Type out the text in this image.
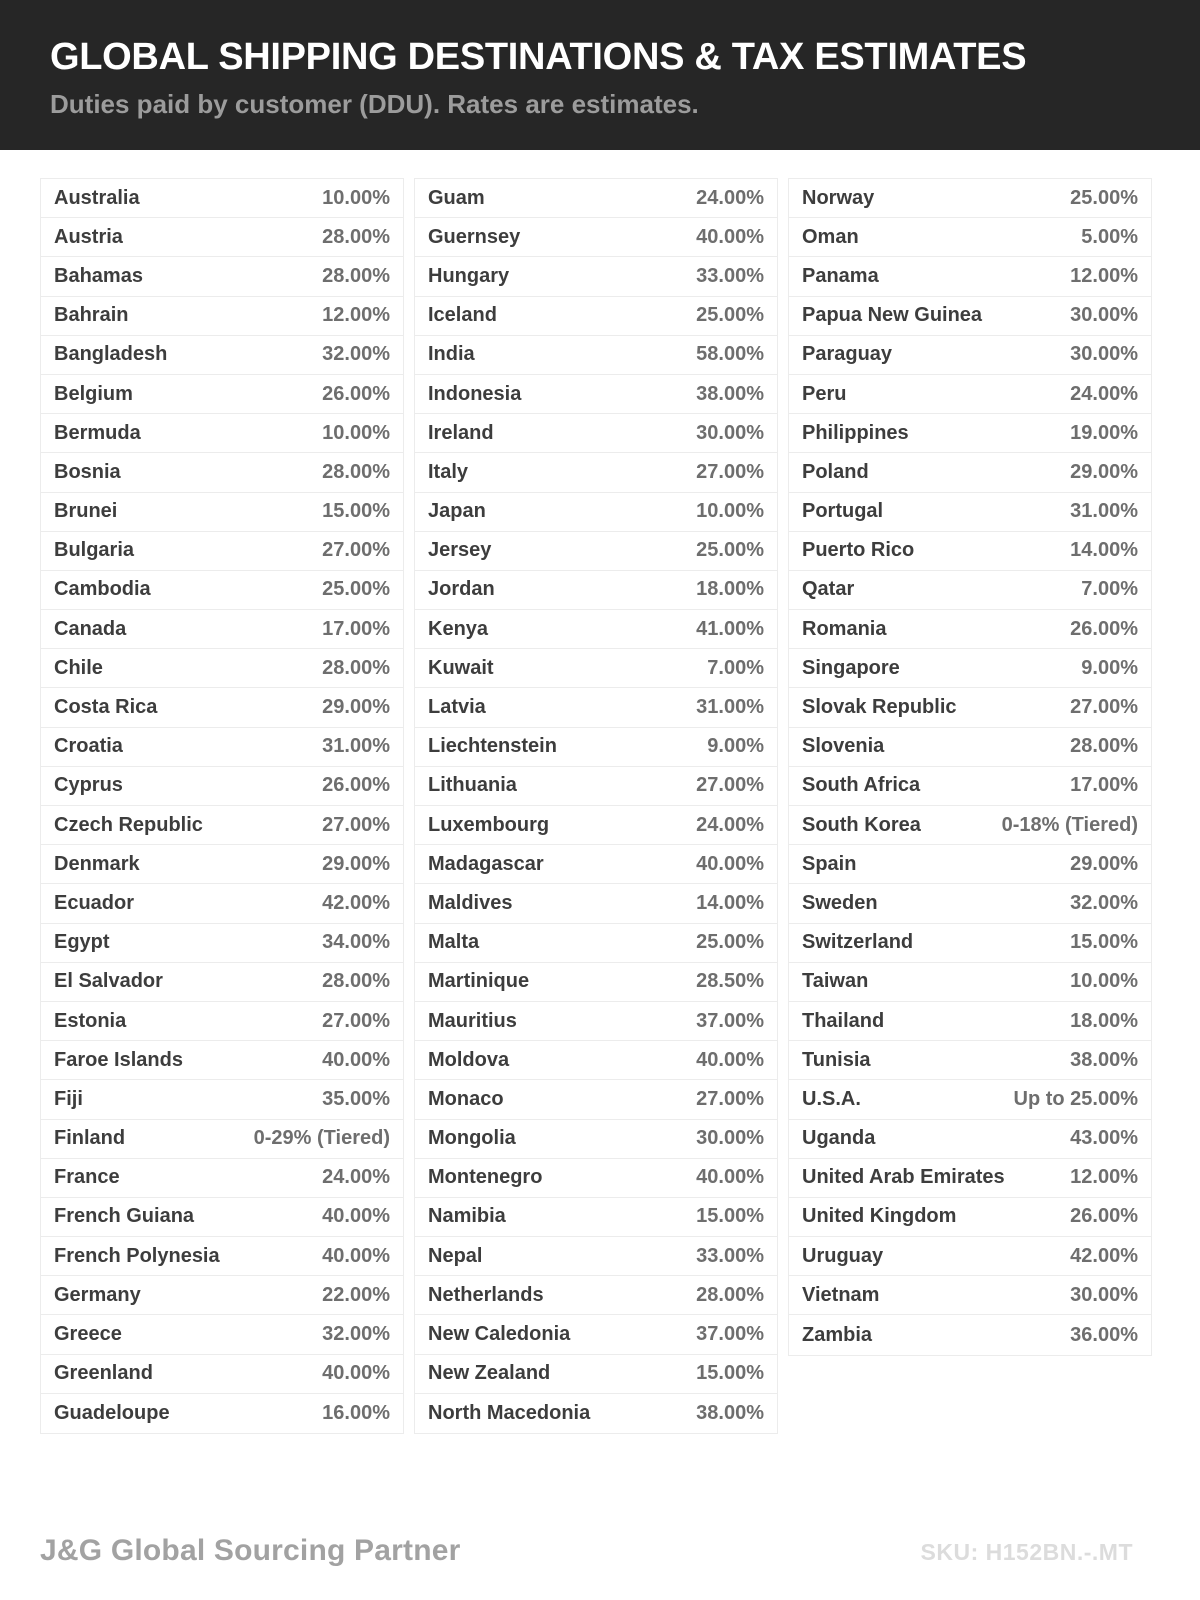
GLOBAL SHIPPING DESTINATIONS & TAX ESTIMATES
Duties paid by customer (DDU). Rates are estimates.
Australia	10.00%
Austria	28.00%
Bahamas	28.00%
Bahrain	12.00%
Bangladesh	32.00%
Belgium	26.00%
Bermuda	10.00%
Bosnia	28.00%
Brunei	15.00%
Bulgaria	27.00%
Cambodia	25.00%
Canada	17.00%
Chile	28.00%
Costa Rica	29.00%
Croatia	31.00%
Cyprus	26.00%
Czech Republic	27.00%
Denmark	29.00%
Ecuador	42.00%
Egypt	34.00%
El Salvador	28.00%
Estonia	27.00%
Faroe Islands	40.00%
Fiji	35.00%
Finland	0-29% (Tiered)
France	24.00%
French Guiana	40.00%
French Polynesia	40.00%
Germany	22.00%
Greece	32.00%
Greenland	40.00%
Guadeloupe	16.00%
Guam	24.00%
Guernsey	40.00%
Hungary	33.00%
Iceland	25.00%
India	58.00%
Indonesia	38.00%
Ireland	30.00%
Italy	27.00%
Japan	10.00%
Jersey	25.00%
Jordan	18.00%
Kenya	41.00%
Kuwait	7.00%
Latvia	31.00%
Liechtenstein	9.00%
Lithuania	27.00%
Luxembourg	24.00%
Madagascar	40.00%
Maldives	14.00%
Malta	25.00%
Martinique	28.50%
Mauritius	37.00%
Moldova	40.00%
Monaco	27.00%
Mongolia	30.00%
Montenegro	40.00%
Namibia	15.00%
Nepal	33.00%
Netherlands	28.00%
New Caledonia	37.00%
New Zealand	15.00%
North Macedonia	38.00%
Norway	25.00%
Oman	5.00%
Panama	12.00%
Papua New Guinea	30.00%
Paraguay	30.00%
Peru	24.00%
Philippines	19.00%
Poland	29.00%
Portugal	31.00%
Puerto Rico	14.00%
Qatar	7.00%
Romania	26.00%
Singapore	9.00%
Slovak Republic	27.00%
Slovenia	28.00%
South Africa	17.00%
South Korea	0-18% (Tiered)
Spain	29.00%
Sweden	32.00%
Switzerland	15.00%
Taiwan	10.00%
Thailand	18.00%
Tunisia	38.00%
U.S.A.	Up to 25.00%
Uganda	43.00%
United Arab Emirates	12.00%
United Kingdom	26.00%
Uruguay	42.00%
Vietnam	30.00%
Zambia	36.00%
J&G Global Sourcing Partner	SKU: H152BN.-.MT
